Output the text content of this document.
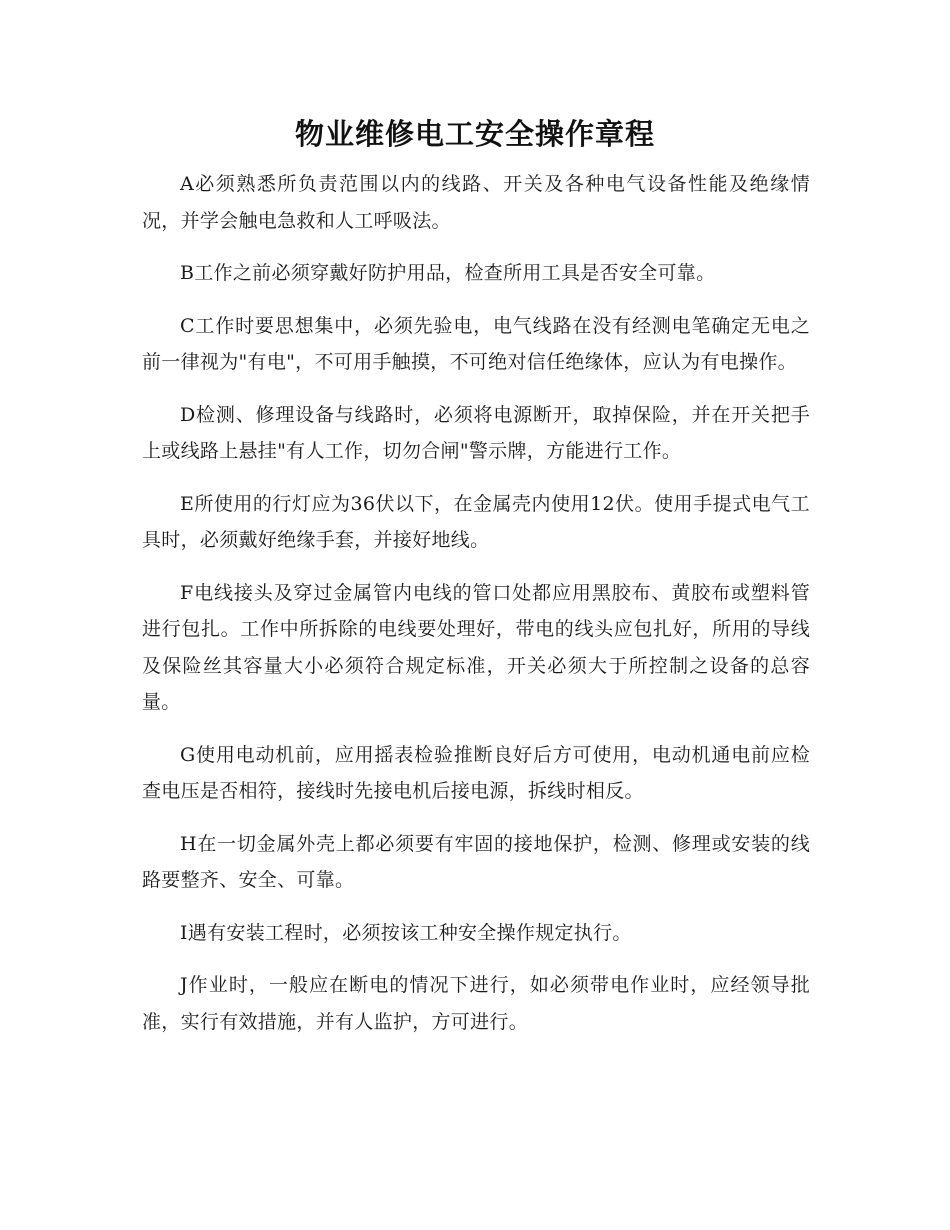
物业维修电工安全操作章程

A必须熟悉所负责范围以内的线路、开关及各种电气设备性能及绝缘情况，并学会触电急救和人工呼吸法。

B工作之前必须穿戴好防护用品，检查所用工具是否安全可靠。

C工作时要思想集中，必须先验电，电气线路在没有经测电笔确定无电之前一律视为"有电"，不可用手触摸，不可绝对信任绝缘体，应认为有电操作。

D检测、修理设备与线路时，必须将电源断开，取掉保险，并在开关把手上或线路上悬挂"有人工作，切勿合闸"警示牌，方能进行工作。

E所使用的行灯应为36伏以下，在金属壳内使用12伏。使用手提式电气工具时，必须戴好绝缘手套，并接好地线。

F电线接头及穿过金属管内电线的管口处都应用黑胶布、黄胶布或塑料管进行包扎。工作中所拆除的电线要处理好，带电的线头应包扎好，所用的导线及保险丝其容量大小必须符合规定标准，开关必须大于所控制之设备的总容量。

G使用电动机前，应用摇表检验推断良好后方可使用，电动机通电前应检查电压是否相符，接线时先接电机后接电源，拆线时相反。

H在一切金属外壳上都必须要有牢固的接地保护，检测、修理或安装的线路要整齐、安全、可靠。

I遇有安装工程时，必须按该工种安全操作规定执行。

J作业时，一般应在断电的情况下进行，如必须带电作业时，应经领导批准，实行有效措施，并有人监护，方可进行。
